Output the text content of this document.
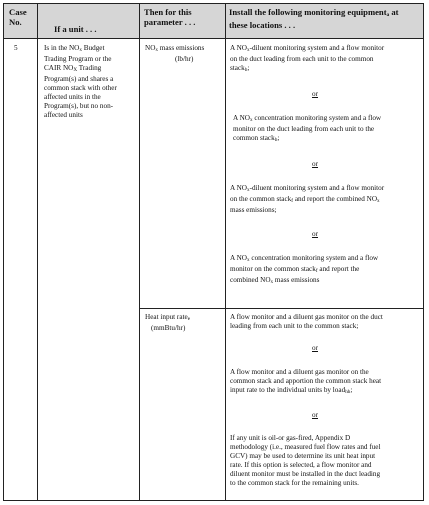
Case
No.
If a unit . . .
Then for this
parameter . . .
Install the following monitoring equipment$^a$ at
these locations . . .
5	Is in the NOx Budget
Trading Program or the
CAIR NOX Trading
Program(s) and shares a
common stack with other
affected units in the
Program(s), but no non-
affected units
NOx mass emissions
(lb/hr)
A NOx-diluent monitoring system and a flow monitor
on the duct leading from each unit to the common
stack$^b$;
or
A NOx concentration monitoring system and a flow
monitor on the duct leading from each unit to the
common stack$^b$;
or
A NOx-diluent monitoring system and a flow monitor
on the common stack$^f$ and report the combined NOx
mass emissions;
or
A NOx concentration monitoring system and a flow
monitor on the common stack$^f$ and report the
combined NOx mass emissions
Heat input rate$^e$
(mmBtu/hr)
A flow monitor and a diluent gas monitor on the duct
leading from each unit to the common stack;
or
A flow monitor and a diluent gas monitor on the
common stack and apportion the common stack heat
input rate to the individual units by load$^{hh}$;
or
If any unit is oil-or gas-fired, Appendix D
methodology (i.e., measured fuel flow rates and fuel
GCV) may be used to determine its unit heat input
rate. If this option is selected, a flow monitor and
diluent monitor must be installed in the duct leading
to the common stack for the remaining units.
